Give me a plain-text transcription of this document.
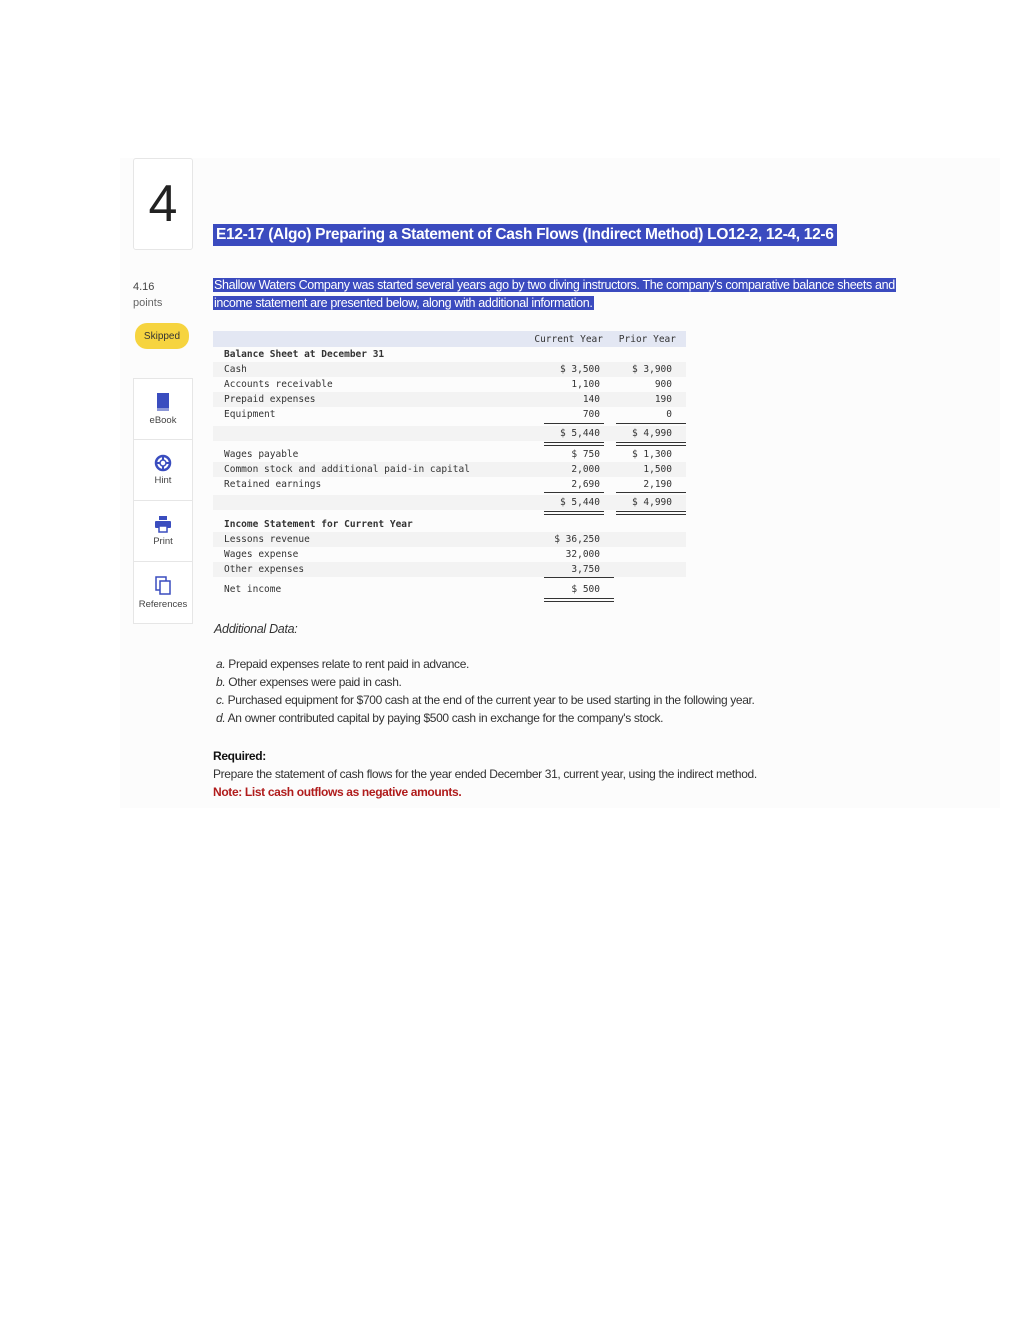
4
4.16
points
Skipped
eBook
Hint
Print
References
E12-17 (Algo) Preparing a Statement of Cash Flows (Indirect Method) LO12-2, 12-4, 12-6
Shallow Waters Company was started several years ago by two diving instructors. The company's comparative balance sheets and
income statement are presented below, along with additional information.
Current Year	Prior Year
Balance Sheet at December 31
Cash	$ 3,500	$ 3,900
Accounts receivable	1,100	900
Prepaid expenses	140	190
Equipment	700	0
$ 5,440	$ 4,990
Wages payable	$ 750	$ 1,300
Common stock and additional paid-in capital	2,000	1,500
Retained earnings	2,690	2,190
$ 5,440	$ 4,990
Income Statement for Current Year
Lessons revenue	$ 36,250
Wages expense	32,000
Other expenses	3,750
Net income	$ 500
Additional Data:
a. Prepaid expenses relate to rent paid in advance.
b. Other expenses were paid in cash.
c. Purchased equipment for $700 cash at the end of the current year to be used starting in the following year.
d. An owner contributed capital by paying $500 cash in exchange for the company's stock.
Required:
Prepare the statement of cash flows for the year ended December 31, current year, using the indirect method.
Note: List cash outflows as negative amounts.
